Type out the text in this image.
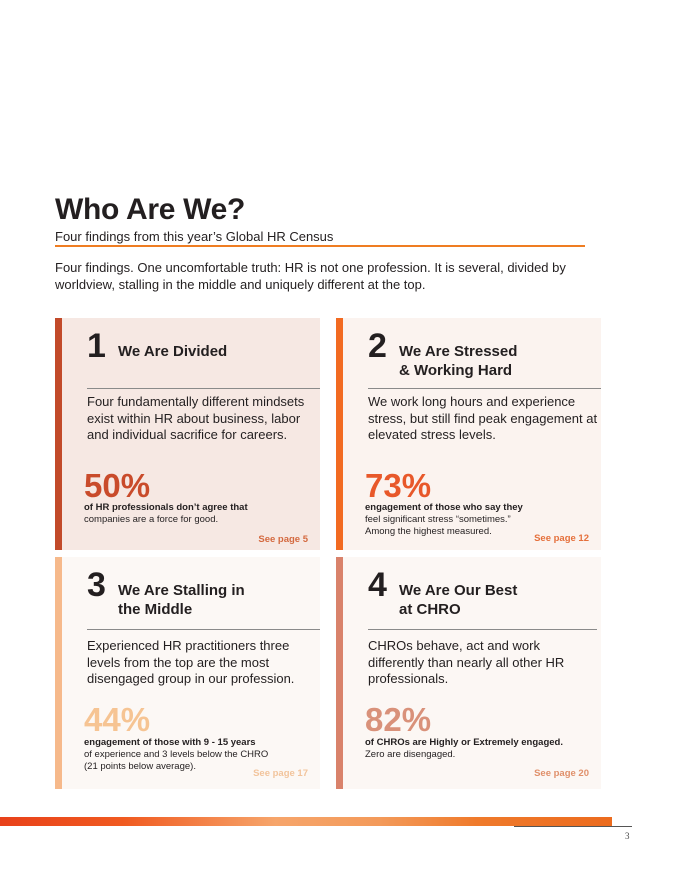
Who Are We?
Four findings from this year’s Global HR Census
Four findings. One uncomfortable truth: HR is not one profession. It is several, divided by worldview, stalling in the middle and uniquely different at the top.
1 We Are Divided
Four fundamentally different mindsets exist within HR about business, labor and individual sacrifice for careers.
50%
of HR professionals don’t agree that
companies are a force for good.
See page 5
2 We Are Stressed
& Working Hard
We work long hours and experience stress, but still find peak engagement at elevated stress levels.
73%
engagement of those who say they
feel significant stress “sometimes.” Among the highest measured.
See page 12
3 We Are Stalling in
the Middle
Experienced HR practitioners three levels from the top are the most disengaged group in our profession.
44%
engagement of those with 9 - 15 years
of experience and 3 levels below the CHRO (21 points below average).
See page 17
4 We Are Our Best
at CHRO
CHROs behave, act and work differently than nearly all other HR professionals.
82%
of CHROs are Highly or Extremely engaged.
Zero are disengaged.
See page 20
3
